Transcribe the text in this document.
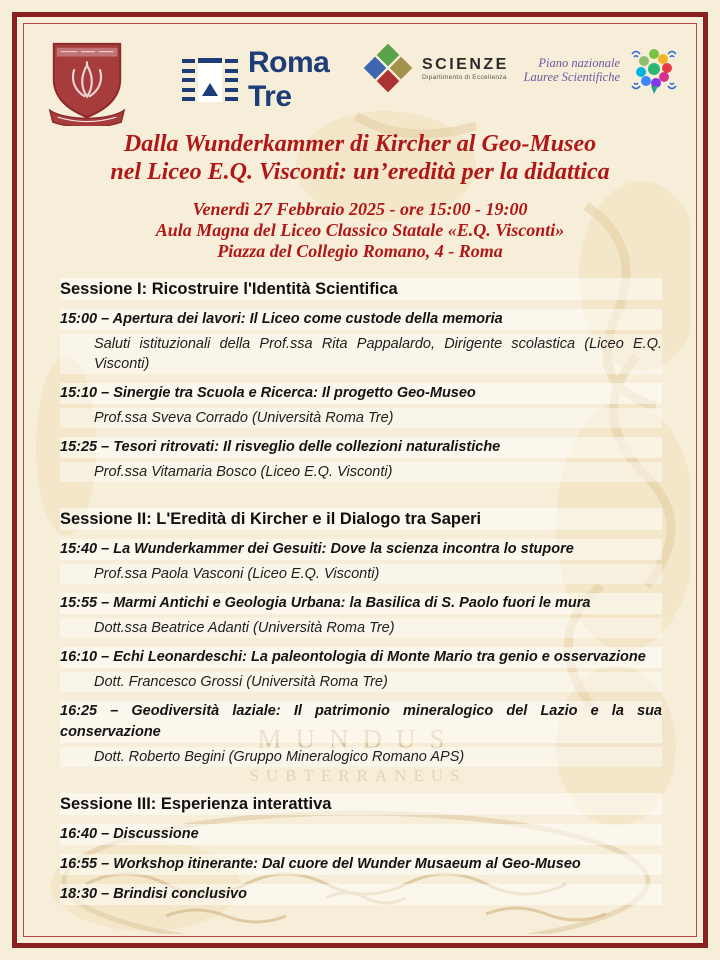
SUBTERRANEUS
Roma Tre
SCIENZE
Dipartimento di Eccellenza
Piano nazionale Lauree Scientifiche
Dalla Wunderkammer di Kircher al Geo-Museo
nel Liceo E.Q. Visconti: un’eredità per la didattica
Venerdì 27 Febbraio 2025 - ore 15:00 - 19:00
Aula Magna del Liceo Classico Statale «E.Q. Visconti»
Piazza del Collegio Romano, 4 - Roma
Sessione I: Ricostruire l'Identità Scientifica

15:00 – Apertura dei lavori: Il Liceo come custode della memoria

Saluti istituzionali della Prof.ssa Rita Pappalardo, Dirigente scolastica (Liceo E.Q. Visconti)

15:10 – Sinergie tra Scuola e Ricerca: Il progetto Geo-Museo

Prof.ssa Sveva Corrado (Università Roma Tre)

15:25 – Tesori ritrovati: Il risveglio delle collezioni naturalistiche

Prof.ssa Vitamaria Bosco (Liceo E.Q. Visconti)

Sessione II: L'Eredità di Kircher e il Dialogo tra Saperi

15:40 – La Wunderkammer dei Gesuiti: Dove la scienza incontra lo stupore

Prof.ssa Paola Vasconi (Liceo E.Q. Visconti)

15:55 – Marmi Antichi e Geologia Urbana: la Basilica di S. Paolo fuori le mura

Dott.ssa Beatrice Adanti (Università Roma Tre)

16:10 – Echi Leonardeschi: La paleontologia di Monte Mario tra genio e osservazione

Dott. Francesco Grossi (Università Roma Tre)

16:25 – Geodiversità laziale: Il patrimonio mineralogico del Lazio e la sua conservazione

Dott. Roberto Begini (Gruppo Mineralogico Romano APS)

Sessione III: Esperienza interattiva

16:40 – Discussione

16:55 – Workshop itinerante: Dal cuore del Wunder Musaeum al Geo-Museo

18:30 – Brindisi conclusivo
